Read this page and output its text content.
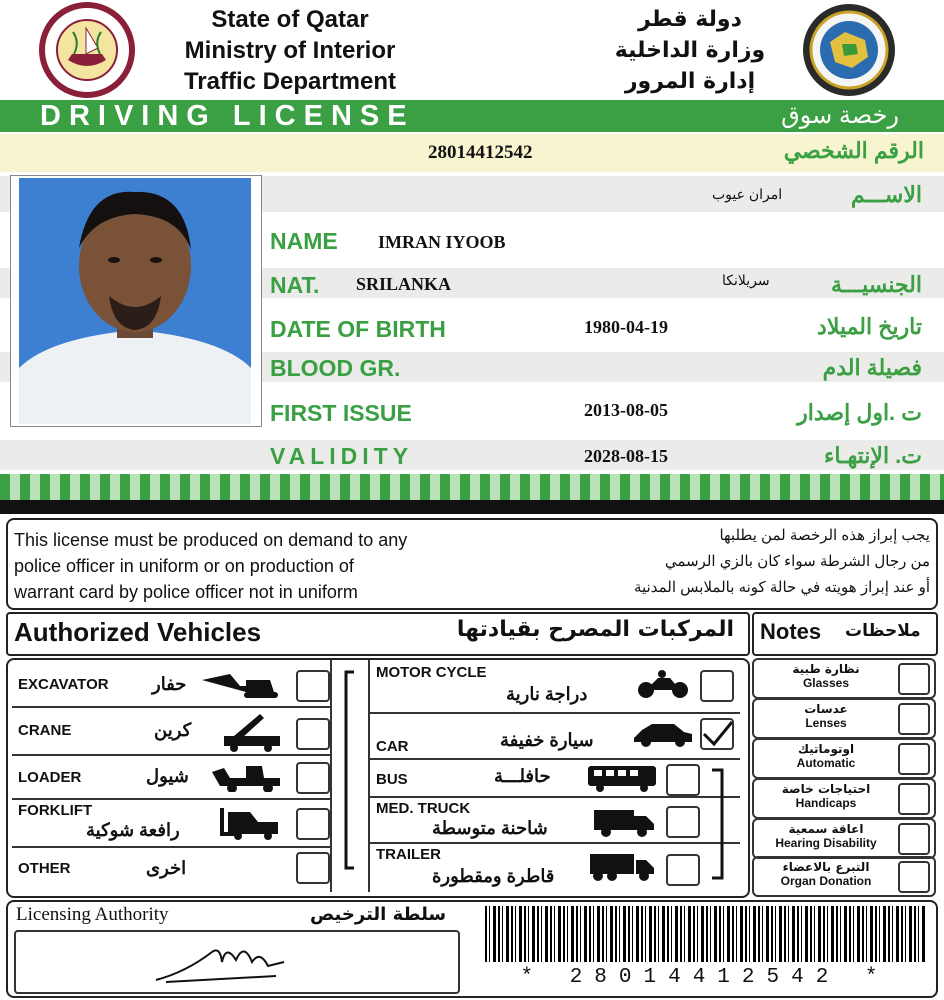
State of Qatar
Ministry of Interior
Traffic Department
دولة قطر
وزارة الداخلية
إدارة المرور
DRIVING LICENSE	رخصة سوق
28014412542	الرقم الشخصي
امران عيوب	الاســـم
NAME IMRAN IYOOB
NAT. SRILANKA	سريلانكا	الجنسيـــة
DATE OF BIRTH	1980-04-19	تاريخ الميلاد
BLOOD GR.	فصيلة الدم
FIRST ISSUE	2013-08-05	ت .اول إصدار
VALIDITY	2028-08-15	ت. الإنتهـاء
This license must be produced on demand to any
police officer in uniform or on production of
warrant card by police officer not in uniform
يجب إبراز هذه الرخصة لمن يطلبها
من رجال الشرطة سواء كان بالزي الرسمي
أو عند إبراز هويته في حالة كونه بالملابس المدنية
Authorized Vehicles	المركبات المصرح بقيادتها Notes ملاحظات
EXCAVATOR حفار
CRANE	كرين
LOADER	شيول
FORKLIFT
رافعة شوكية
OTHER	اخرى
MOTOR CYCLE
دراجة نارية
CAR	سيارة خفيفة
BUS	حافلـــة
MED. TRUCK
شاحنة متوسطة
TRAILER
قاطرة ومقطورة
نظارة طبية
Glasses
عدسات
Lenses
اوتوماتيك
Automatic
احتياجات خاصة
Handicaps
اعاقة سمعية
Hearing Disability
التبرع بالاعضاء
Organ Donation
Licensing Authority	سلطة الترخيص
* 28014412542 *
